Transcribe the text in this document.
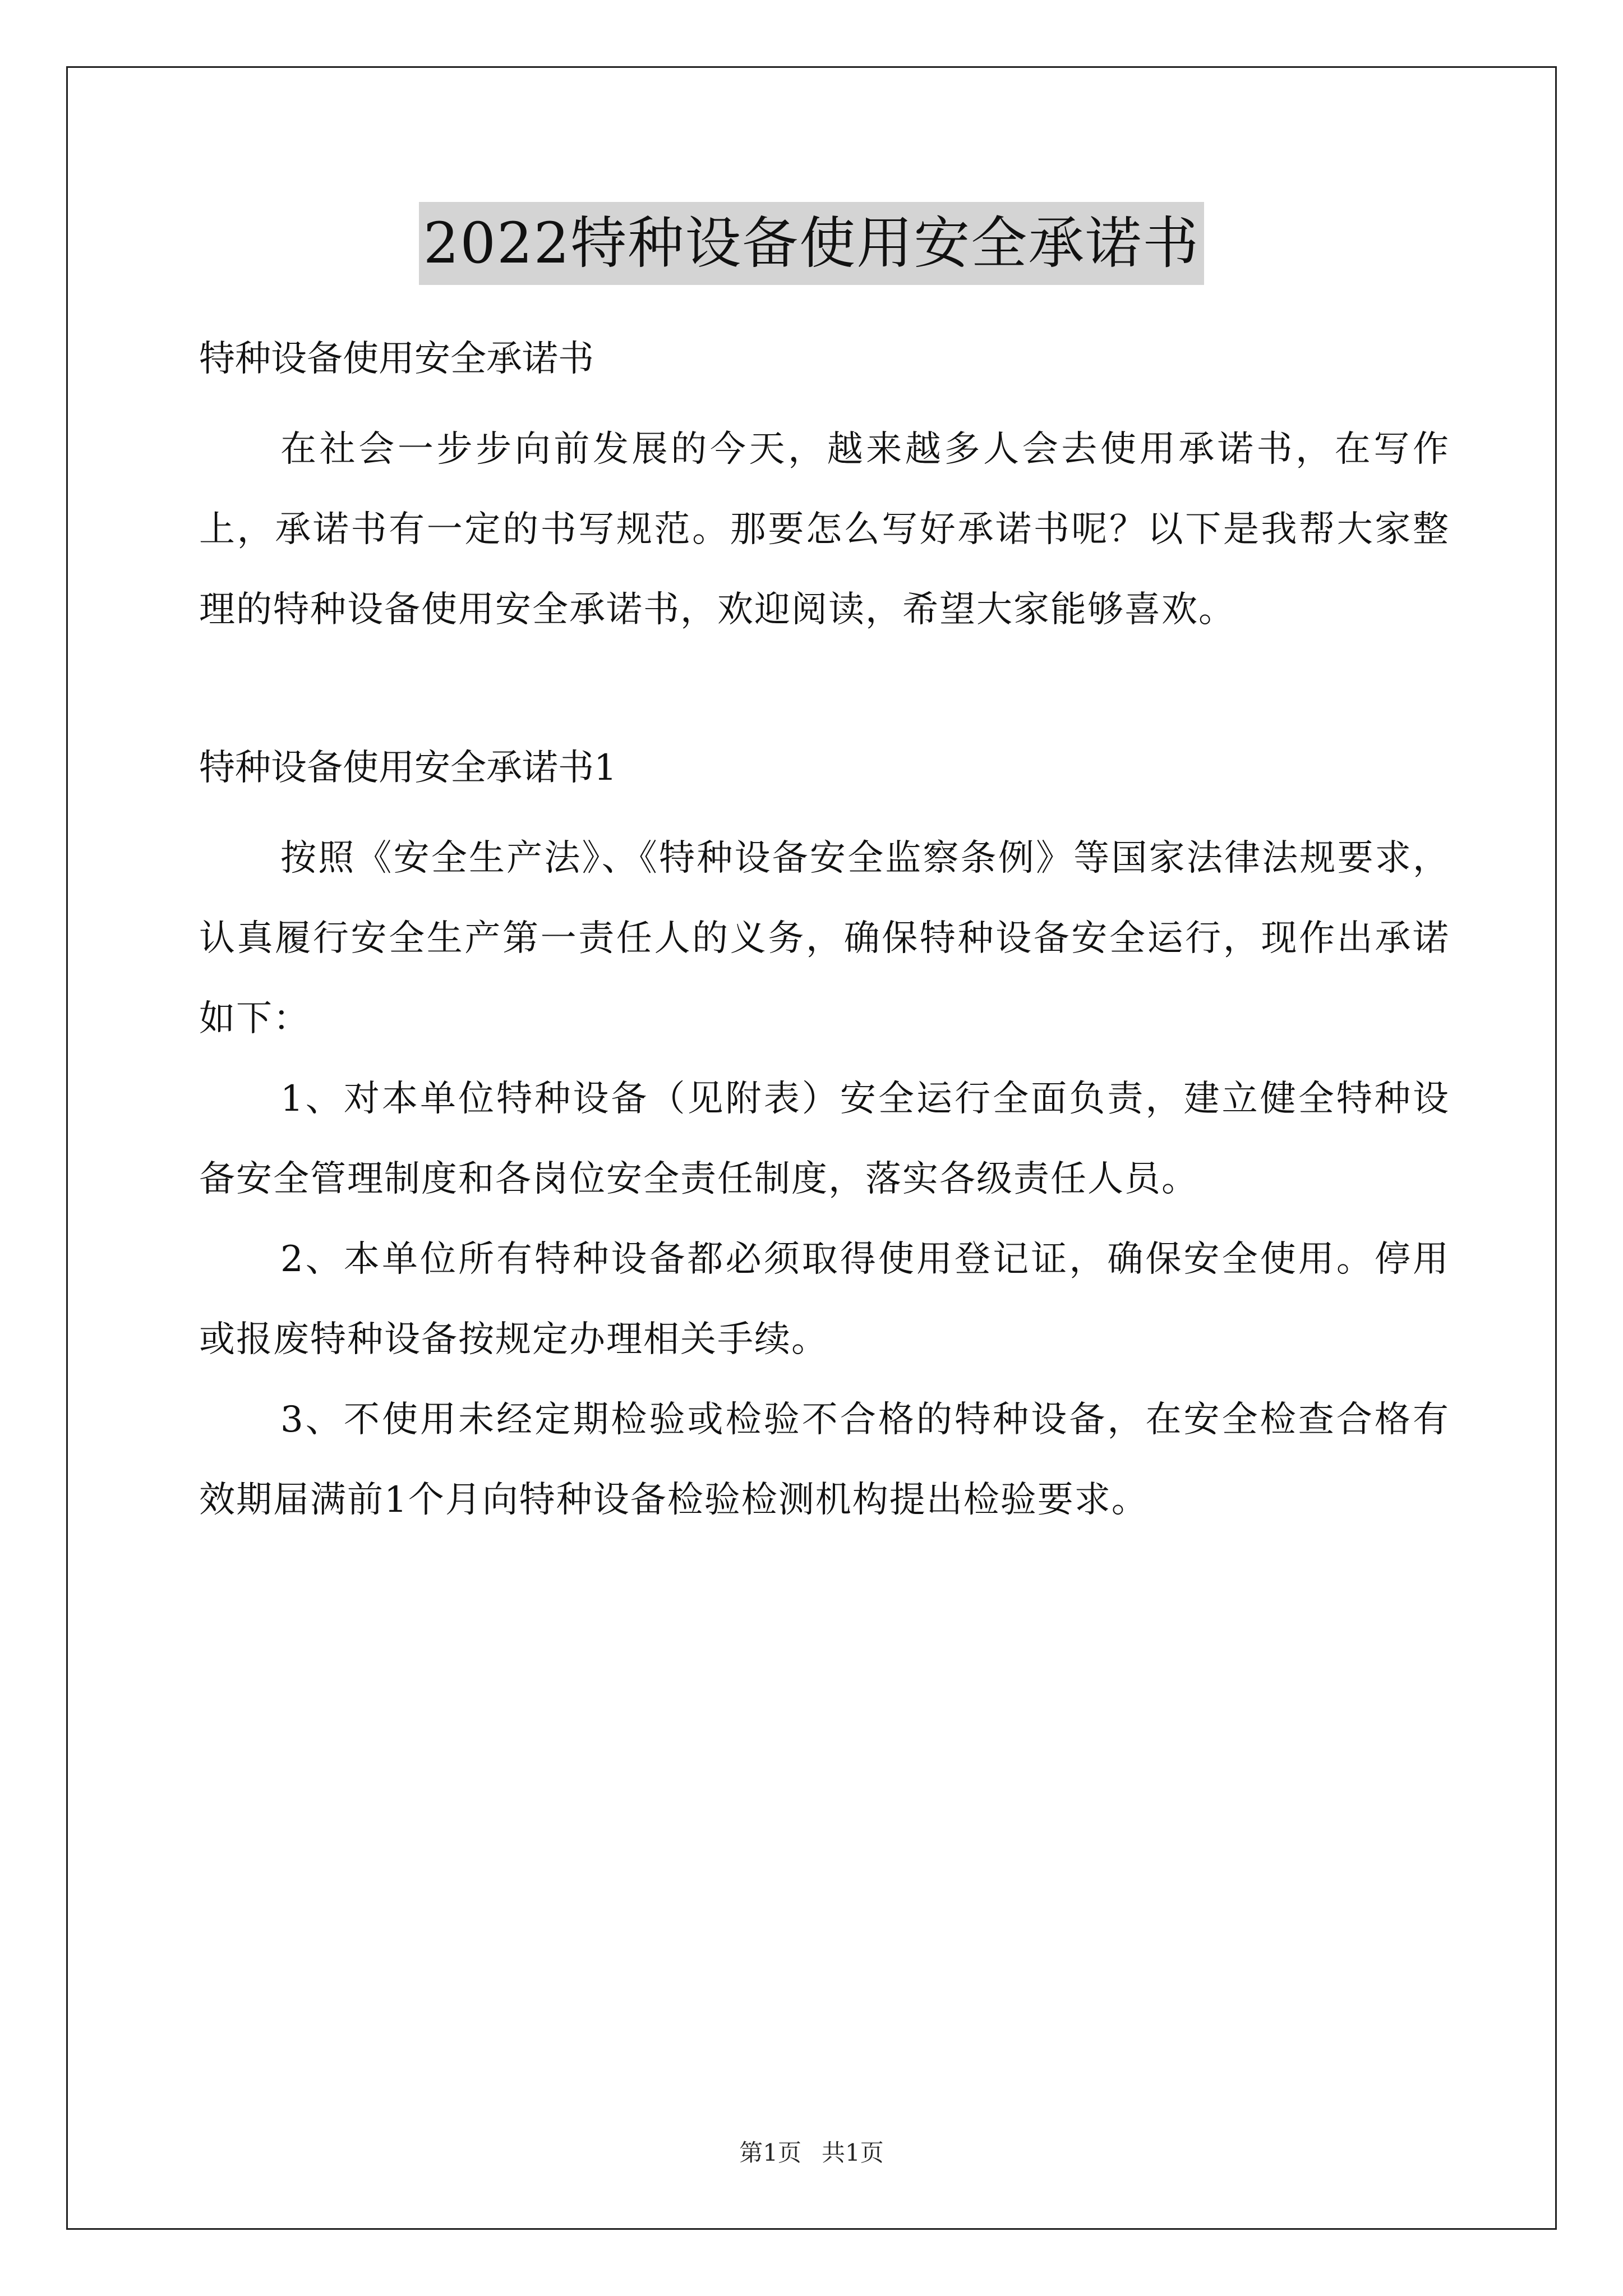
2022特种设备使用安全承诺书

特种设备使用安全承诺书

在社会一步步向前发展的今天，越来越多人会去使用承诺书，在写作上，承诺书有一定的书写规范。那要怎么写好承诺书呢？以下是我帮大家整理的特种设备使用安全承诺书，欢迎阅读，希望大家能够喜欢。

特种设备使用安全承诺书1

按照《安全生产法》、《特种设备安全监察条例》等国家法律法规要求，认真履行安全生产第一责任人的义务，确保特种设备安全运行，现作出承诺如下：

1、对本单位特种设备（见附表）安全运行全面负责，建立健全特种设备安全管理制度和各岗位安全责任制度，落实各级责任人员。

2、本单位所有特种设备都必须取得使用登记证，确保安全使用。停用或报废特种设备按规定办理相关手续。

3、不使用未经定期检验或检验不合格的特种设备，在安全检查合格有效期届满前1个月向特种设备检验检测机构提出检验要求。

第1页 共1页
